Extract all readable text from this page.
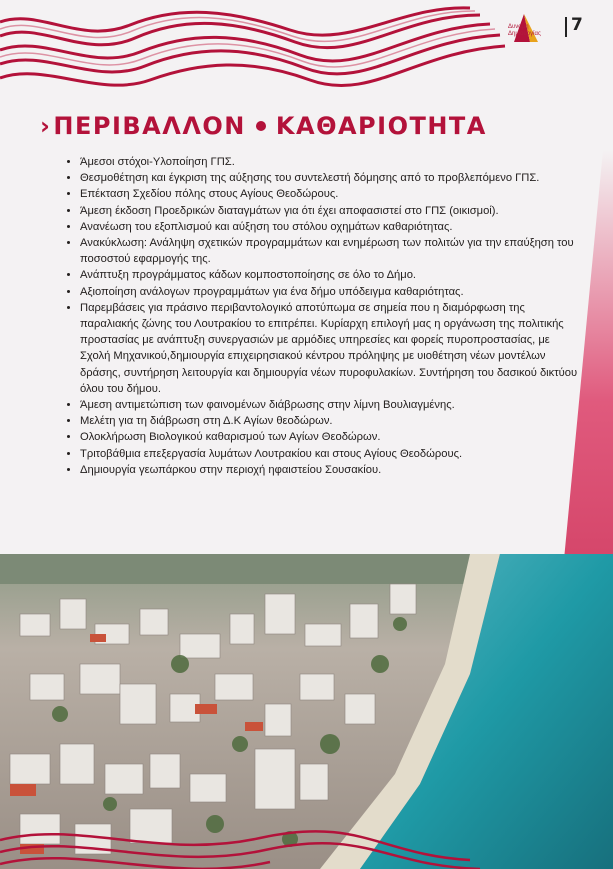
Δυναμη
Δημιουργίας 7
›ΠΕΡΙΒΑΛΛΟΝ ΚΑΘΑΡΙΟΤΗΤΑ
• Άμεσοι στόχοι-Υλοποίηση ΓΠΣ.
• Θεσμοθέτηση και έγκριση της αύξησης του συντελεστή δόμησης από το προβλεπόμενο ΓΠΣ.
• Επέκταση Σχεδίου πόλης στους Αγίους Θεοδώρους.
• Άμεση έκδοση Προεδρικών διαταγμάτων για ότι έχει αποφασιστεί στο ΓΠΣ (οικισμοί).
• Ανανέωση του εξοπλισμού και αύξηση του στόλου οχημάτων καθαριότητας.
• Ανακύκλωση: Ανάληψη σχετικών προγραμμάτων και ενημέρωση των πολιτών για την επαύξηση του ποσοστού εφαρμογής της.
• Ανάπτυξη προγράμματος κάδων κομποστοποίησης σε όλο το Δήμο.
• Αξιοποίηση ανάλογων προγραμμάτων για ένα δήμο υπόδειγμα καθαριότητας.
• Παρεμβάσεις για πράσινο περιβαντολογικό αποτύπωμα σε σημεία που η διαμόρφωση της παραλιακής ζώνης του Λουτρακίου το επιτρέπει. Κυρίαρχη επιλογή μας η οργάνωση της πολιτικής προστασίας με ανάπτυξη συνεργασιών με αρμόδιες υπηρεσίες και φορείς πυροπροστασίας, με Σχολή Μηχανικού,δημιουργία επιχειρησιακού κέντρου πρόληψης με υιοθέτηση νέων μοντέλων δράσης, συντήρηση λειτουργία και δημιουργία νέων πυροφυλακίων. Συντήρηση του δασικού δικτύου όλου του δήμου.
• Άμεση αντιμετώπιση των φαινομένων διάβρωσης στην λίμνη Βουλιαγμένης.
• Μελέτη για τη διάβρωση στη Δ.Κ Αγίων θεοδώρων.
• Ολοκλήρωση Βιολογικού καθαρισμού των Αγίων Θεοδώρων.
• Τριτοβάθμια επεξεργασία λυμάτων Λουτρακίου και στους Αγίους Θεοδώρους.
• Δημιουργία γεωπάρκου στην περιοχή ηφαιστείου Σουσακίου.
